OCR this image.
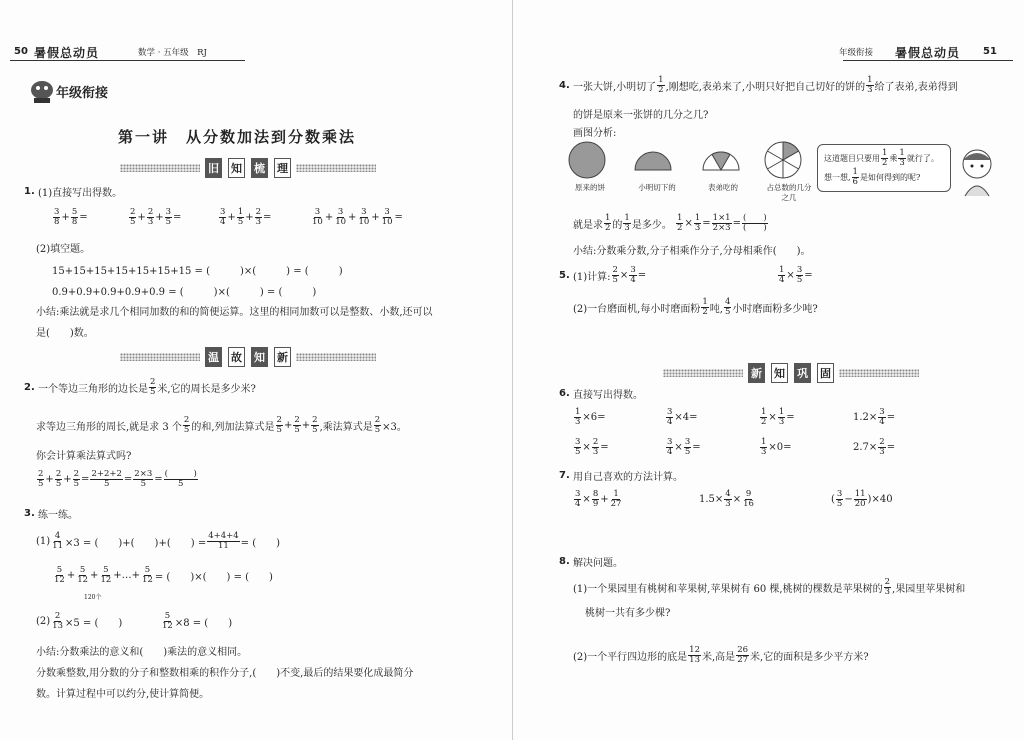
50 暑假总动员	数学 · 五年级　RJ
年级衔接
第一讲　从分数加法到分数乘法
旧 知 梳 理
1.
(1)直接写出得数。
$\frac{3}{8} + \frac{5}{8}$ =	$\frac{2}{5} + \frac{2}{3} + \frac{3}{5}$ =	$\frac{3}{4} + \frac{1}{5} + \frac{2}{3}$ =	$\frac{3}{10} + \frac{3}{10} + \frac{3}{10} + \frac{3}{10}$ =
(2)填空题。
15+15+15+15+15+15+15 = (　　　)×(　　　) = (　　　)
0.9+0.9+0.9+0.9+0.9 = (　　　)×(　　　) = (　　　)
小结:乘法就是求几个相同加数的和的简便运算。这里的相同加数可以是整数、小数,还可以
是(　　)数。
温 故 知 新
2.
一个等边三角形的边长是 $\frac{2}{5}$ 米,它的周长是多少米?
求等边三角形的周长,就是求 3 个 $\frac{2}{5}$ 的和,列加法算式是 $\frac{2}{5} + \frac{2}{5} + \frac{2}{5}$ ,乘法算式是 $\frac{2}{5} \times 3$。
你会计算乘法算式吗?
$\frac{2}{5} + \frac{2}{5} + \frac{2}{5} = \frac{2+2+2}{5} = \frac{2\times 3}{5} = \frac{( )}{5}$
3.
练一练。
$(1) \frac{4}{11} \times 3$ = (　　)+(　　)+(　　) = $\frac{4+4+4}{11}$ = (　　)
$\frac{5}{12} + \frac{5}{12} + \frac{5}{12}$ +…+ $\frac{5}{12}$ = (　　)×(　　) = (　　)
120个
$(2) \frac{2}{13} \times 5$ = (　　)	$\frac{5}{12} \times 8$ = (　　)
小结:分数乘法的意义和(　　)乘法的意义相同。
分数乘整数,用分数的分子和整数相乘的积作分子,(　　)不变,最后的结果要化成最简分
数。计算过程中可以约分,使计算简便。
年级衔接 暑假总动员 51
4.
一张大饼,小明切了 $\frac{1}{2}$ ,刚想吃,表弟来了,小明只好把自己切好的饼的 $\frac{1}{3}$ 给了表弟,表弟得到
的饼是原来一张饼的几分之几?
画图分析:
原来的饼	小明切下的	表弟吃的	占总数的几分之几
这道题目只要用 $\frac{1}{2}$ 乘 $\frac{1}{3}$ 就行了。
想一想, $\frac{1}{6}$ 是如何得到的呢?
就是求 $\frac{1}{2}$ 的 $\frac{1}{3}$ 是多少。
$\frac{1}{2} \times \frac{1}{3} = \frac{1\times 1}{2\times 3} = \frac{( )}{( )}$
小结:分数乘分数,分子相乘作分子,分母相乘作(　　)。
5.
(1)计算: $\frac{2}{5} \times \frac{3}{4}$ =	$\frac{1}{4} \times \frac{3}{5}$ =
(2)一台磨面机,每小时磨面粉 $\frac{1}{2}$ 吨, $\frac{4}{5}$ 小时磨面粉多少吨?
新 知 巩 固
6.
直接写出得数。
$\frac{1}{3} \times 6=$	$\frac{3}{4} \times 4=$	$\frac{1}{2} \times \frac{1}{3}$ =	$1.2\times \frac{3}{4}$ =
$\frac{3}{5} \times \frac{2}{3}$ =	$\frac{3}{4} \times \frac{3}{5}$ =	$\frac{1}{3} \times 0=$	$2.7\times \frac{2}{3}$ =
7.
用自己喜欢的方法计算。
$\frac{3}{4} \times \frac{8}{9} + \frac{1}{27}$	$1.5\times \frac{4}{3} \times \frac{9}{16}$	( $\frac{3}{5} - \frac{11}{20} )\times 40$
8.
解决问题。
(1)一个果园里有桃树和苹果树,苹果树有 60 棵,桃树的棵数是苹果树的 $\frac{2}{3}$ ,果园里苹果树和
桃树一共有多少棵?
(2)一个平行四边形的底是 $\frac{12}{13}$ 米,高是 $\frac{26}{27}$ 米,它的面积是多少平方米?
